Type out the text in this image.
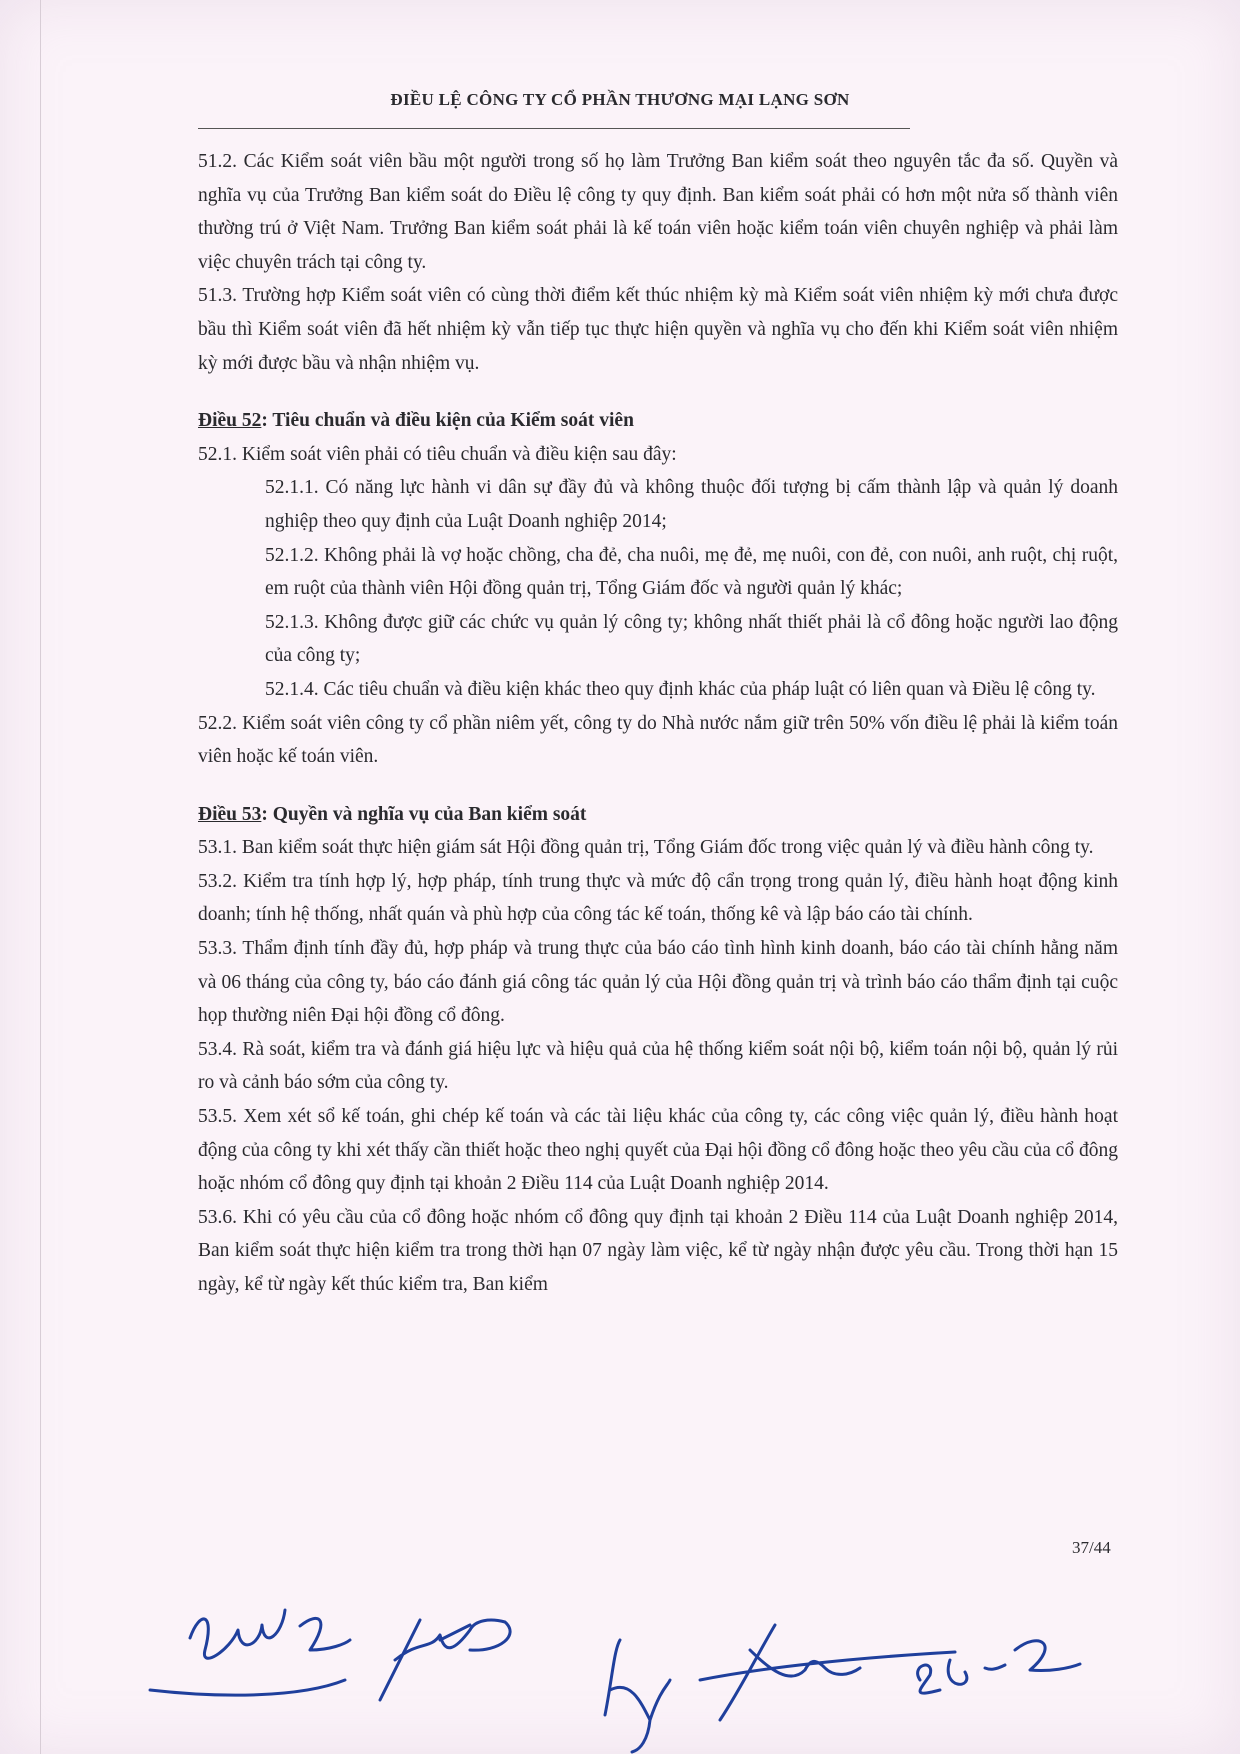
ĐIỀU LỆ CÔNG TY CỔ PHẦN THƯƠNG MẠI LẠNG SƠN

51.2. Các Kiểm soát viên bầu một người trong số họ làm Trưởng Ban kiểm soát theo nguyên tắc đa số. Quyền và nghĩa vụ của Trưởng Ban kiểm soát do Điều lệ công ty quy định. Ban kiểm soát phải có hơn một nửa số thành viên thường trú ở Việt Nam. Trưởng Ban kiểm soát phải là kế toán viên hoặc kiểm toán viên chuyên nghiệp và phải làm việc chuyên trách tại công ty.

51.3. Trường hợp Kiểm soát viên có cùng thời điểm kết thúc nhiệm kỳ mà Kiểm soát viên nhiệm kỳ mới chưa được bầu thì Kiểm soát viên đã hết nhiệm kỳ vẫn tiếp tục thực hiện quyền và nghĩa vụ cho đến khi Kiểm soát viên nhiệm kỳ mới được bầu và nhận nhiệm vụ.

Điều 52: Tiêu chuẩn và điều kiện của Kiểm soát viên

52.1. Kiểm soát viên phải có tiêu chuẩn và điều kiện sau đây:

52.1.1. Có năng lực hành vi dân sự đầy đủ và không thuộc đối tượng bị cấm thành lập và quản lý doanh nghiệp theo quy định của Luật Doanh nghiệp 2014;

52.1.2. Không phải là vợ hoặc chồng, cha đẻ, cha nuôi, mẹ đẻ, mẹ nuôi, con đẻ, con nuôi, anh ruột, chị ruột, em ruột của thành viên Hội đồng quản trị, Tổng Giám đốc và người quản lý khác;

52.1.3. Không được giữ các chức vụ quản lý công ty; không nhất thiết phải là cổ đông hoặc người lao động của công ty;

52.1.4. Các tiêu chuẩn và điều kiện khác theo quy định khác của pháp luật có liên quan và Điều lệ công ty.

52.2. Kiểm soát viên công ty cổ phần niêm yết, công ty do Nhà nước nắm giữ trên 50% vốn điều lệ phải là kiểm toán viên hoặc kế toán viên.

Điều 53: Quyền và nghĩa vụ của Ban kiểm soát

53.1. Ban kiểm soát thực hiện giám sát Hội đồng quản trị, Tổng Giám đốc trong việc quản lý và điều hành công ty.

53.2. Kiểm tra tính hợp lý, hợp pháp, tính trung thực và mức độ cẩn trọng trong quản lý, điều hành hoạt động kinh doanh; tính hệ thống, nhất quán và phù hợp của công tác kế toán, thống kê và lập báo cáo tài chính.

53.3. Thẩm định tính đầy đủ, hợp pháp và trung thực của báo cáo tình hình kinh doanh, báo cáo tài chính hằng năm và 06 tháng của công ty, báo cáo đánh giá công tác quản lý của Hội đồng quản trị và trình báo cáo thẩm định tại cuộc họp thường niên Đại hội đồng cổ đông.

53.4. Rà soát, kiểm tra và đánh giá hiệu lực và hiệu quả của hệ thống kiểm soát nội bộ, kiểm toán nội bộ, quản lý rủi ro và cảnh báo sớm của công ty.

53.5. Xem xét sổ kế toán, ghi chép kế toán và các tài liệu khác của công ty, các công việc quản lý, điều hành hoạt động của công ty khi xét thấy cần thiết hoặc theo nghị quyết của Đại hội đồng cổ đông hoặc theo yêu cầu của cổ đông hoặc nhóm cổ đông quy định tại khoản 2 Điều 114 của Luật Doanh nghiệp 2014.

53.6. Khi có yêu cầu của cổ đông hoặc nhóm cổ đông quy định tại khoản 2 Điều 114 của Luật Doanh nghiệp 2014, Ban kiểm soát thực hiện kiểm tra trong thời hạn 07 ngày làm việc, kể từ ngày nhận được yêu cầu. Trong thời hạn 15 ngày, kể từ ngày kết thúc kiểm tra, Ban kiểm

37/44
